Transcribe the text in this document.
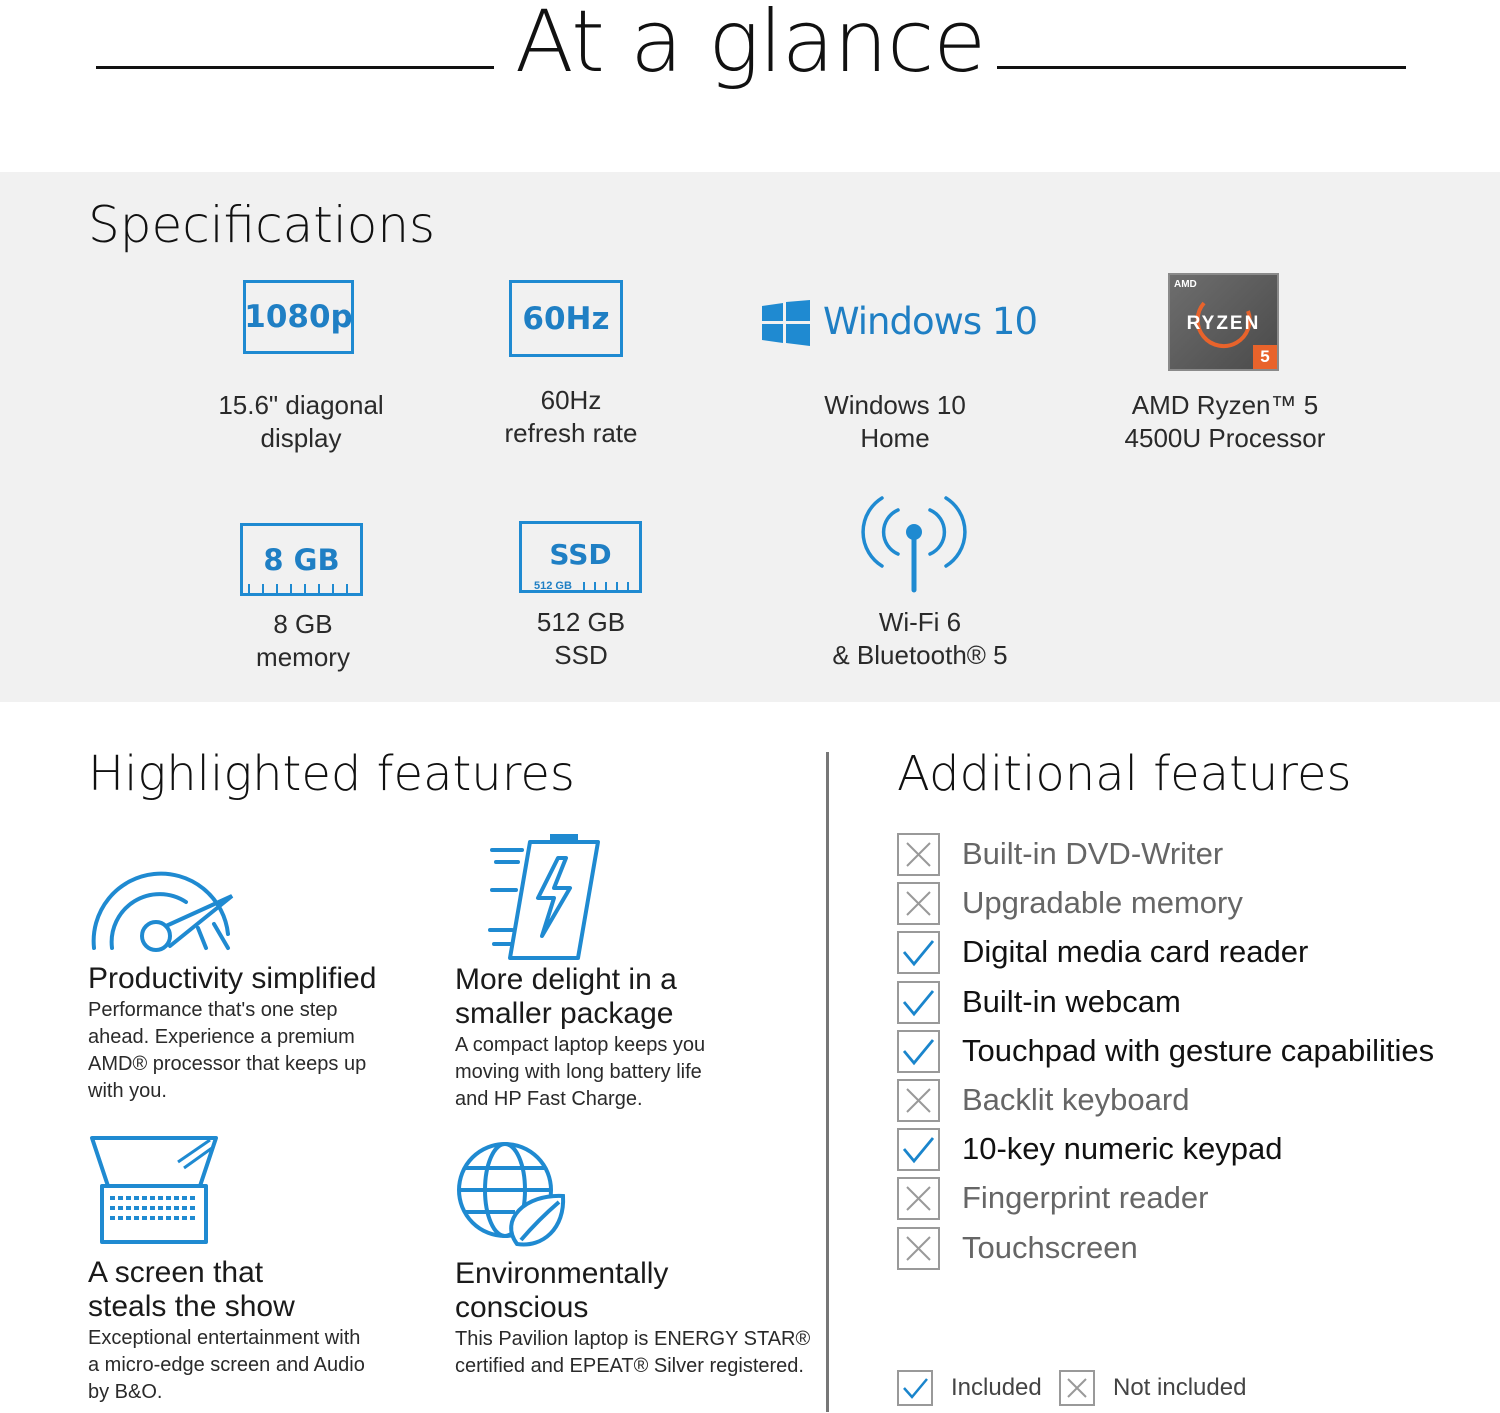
At a glance
Specifications
1080p
15.6" diagonal
display
60Hz
60Hz
refresh rate
Windows 10
Windows 10
Home
AMD
RYZEN
5
AMD Ryzen™ 5
4500U Processor
8 GB
8 GB
memory
SSD
512 GB
512 GB
SSD
Wi-Fi 6
& Bluetooth® 5
Highlighted features
Productivity simplified
Performance that's one step
ahead. Experience a premium
AMD® processor that keeps up
with you.
More delight in a
smaller package
A compact laptop keeps you
moving with long battery life
and HP Fast Charge.
A screen that
steals the show
Exceptional entertainment with
a micro-edge screen and Audio
by B&O.
Environmentally
conscious
This Pavilion laptop is ENERGY STAR®
certified and EPEAT® Silver registered.
Additional features
Built-in DVD-Writer
Upgradable memory
Digital media card reader
Built-in webcam
Touchpad with gesture capabilities
Backlit keyboard
10-key numeric keypad
Fingerprint reader
Touchscreen
Included	Not included
